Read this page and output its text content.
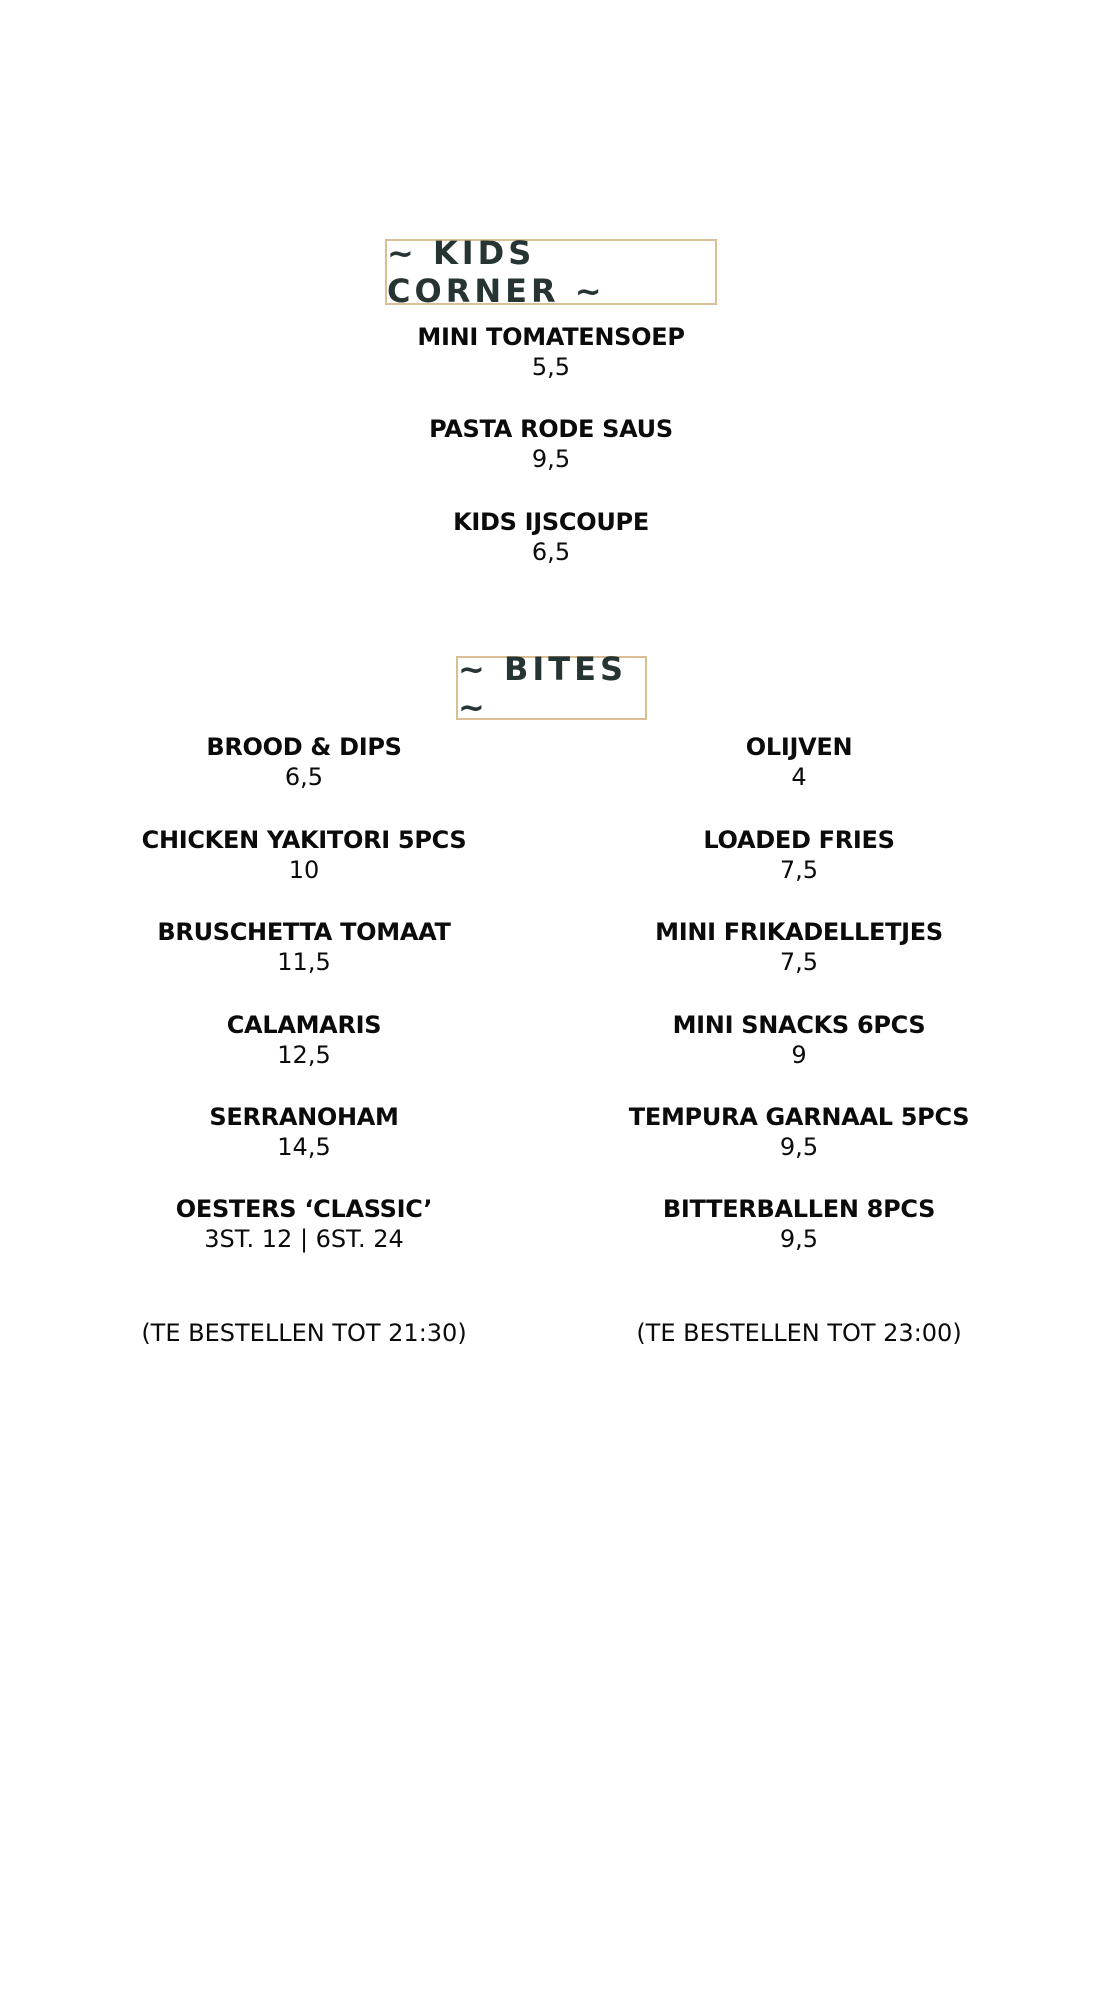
~ KIDS CORNER ~
MINI TOMATENSOEP
5,5
PASTA RODE SAUS
9,5
KIDS IJSCOUPE
6,5
~ BITES ~
BROOD & DIPS
6,5
CHICKEN YAKITORI 5PCS
10
BRUSCHETTA TOMAAT
11,5
CALAMARIS
12,5
SERRANOHAM
14,5
OESTERS ‘CLASSIC’
3ST. 12 | 6ST. 24
OLIJVEN
4
LOADED FRIES
7,5
MINI FRIKADELLETJES
7,5
MINI SNACKS 6PCS
9
TEMPURA GARNAAL 5PCS
9,5
BITTERBALLEN 8PCS
9,5
(TE BESTELLEN TOT 21:30)	(TE BESTELLEN TOT 23:00)
